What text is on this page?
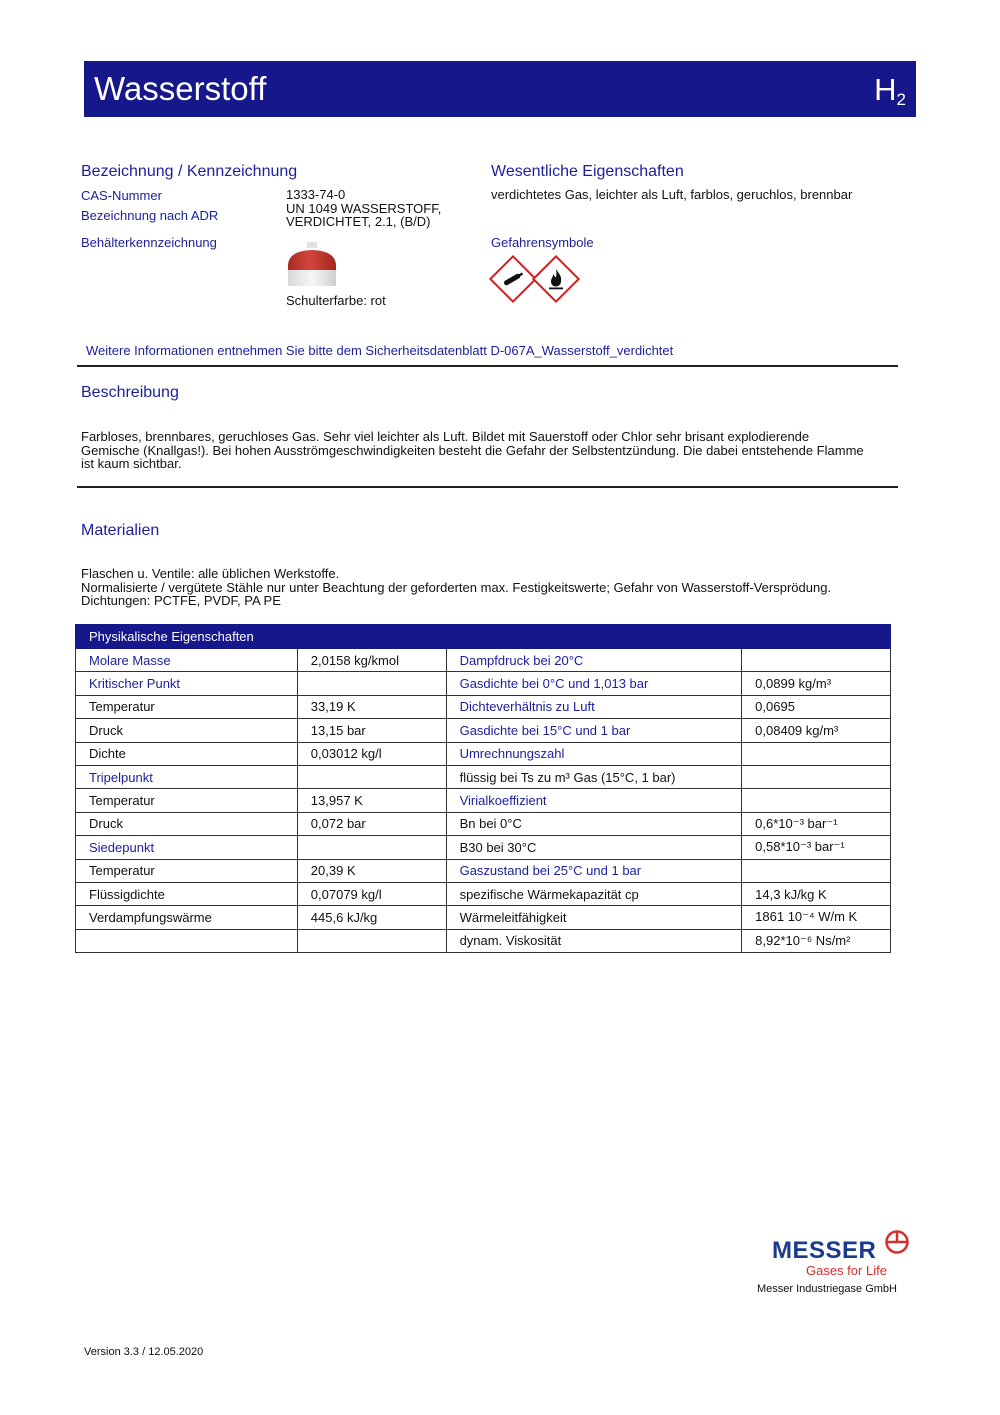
Wasserstoff	$H_2$
Bezeichnung / Kennzeichnung
CAS-Nummer	1333-74-0
Bezeichnung nach ADR	UN 1049 WASSERSTOFF,
VERDICHTET, 2.1, (B/D)
Behälterkennzeichnung
Schulterfarbe: rot
Wesentliche Eigenschaften
verdichtetes Gas, leichter als Luft, farblos, geruchlos, brennbar
Gefahrensymbole
Weitere Informationen entnehmen Sie bitte dem Sicherheitsdatenblatt D-067A_Wasserstoff_verdichtet
Beschreibung
Farbloses, brennbares, geruchloses Gas. Sehr viel leichter als Luft. Bildet mit Sauerstoff oder Chlor sehr brisant explodierende
Gemische (Knallgas!). Bei hohen Ausströmgeschwindigkeiten besteht die Gefahr der Selbstentzündung. Die dabei entstehende Flamme
ist kaum sichtbar.
Materialien
Flaschen u. Ventile: alle üblichen Werkstoffe.
Normalisierte / vergütete Stähle nur unter Beachtung der geforderten max. Festigkeitswerte; Gefahr von Wasserstoff-Versprödung.
Dichtungen: PCTFE, PVDF, PA PE
Physikalische Eigenschaften			
Molare Masse	2,0158 kg/kmol	Dampfdruck bei 20°C	
Kritischer Punkt		Gasdichte bei 0°C und 1,013 bar	0,0899 kg/m³
Temperatur	33,19 K	Dichteverhältnis zu Luft	0,0695
Druck	13,15 bar	Gasdichte bei 15°C und 1 bar	0,08409 kg/m³
Dichte	0,03012 kg/l	Umrechnungszahl	
Tripelpunkt		flüssig bei Ts zu m³ Gas (15°C, 1 bar)	
Temperatur	13,957 K	Virialkoeffizient	
Druck	0,072 bar	Bn bei 0°C	0,6*10⁻³ bar⁻¹
Siedepunkt		B30 bei 30°C	0,58*10⁻³ bar⁻¹
Temperatur	20,39 K	Gaszustand bei 25°C und 1 bar	
Flüssigdichte	0,07079 kg/l	spezifische Wärmekapazität cp	14,3 kJ/kg K
Verdampfungswärme	445,6 kJ/kg	Wärmeleitfähigkeit	1861 10⁻⁴ W/m K
		dynam. Viskosität	8,92*10⁻⁶ Ns/m²
MESSER
Gases for Life
Messer Industriegase GmbH
Version 3.3 / 12.05.2020
